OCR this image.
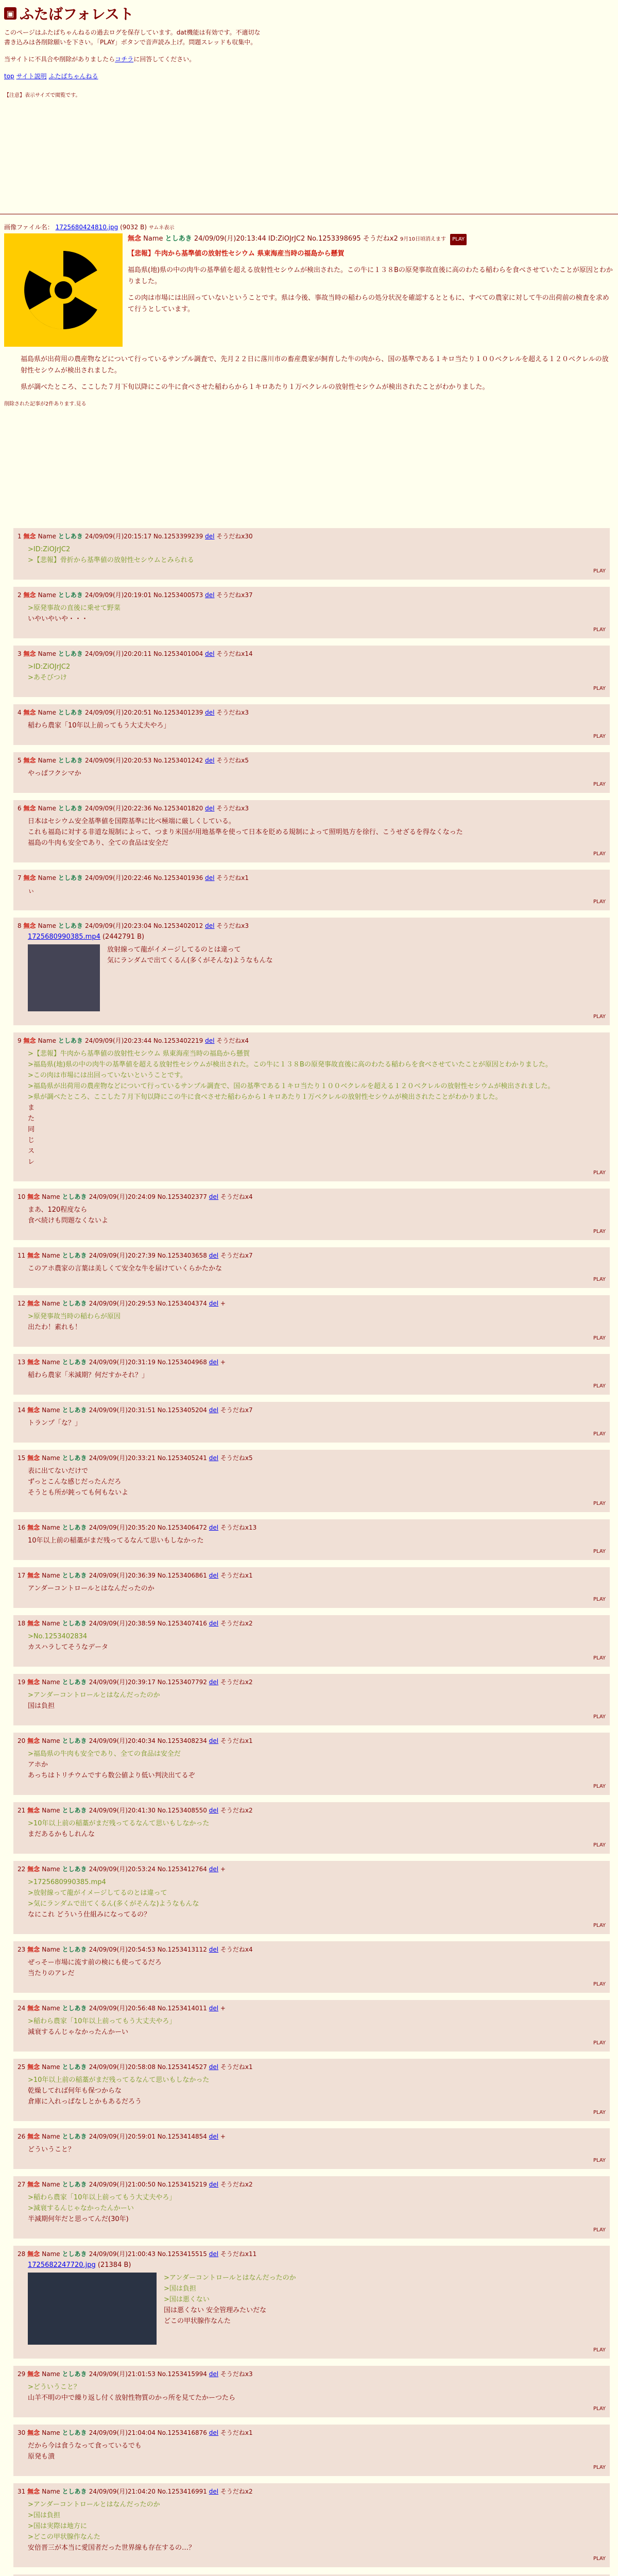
▣ ふたばフォレスト
このページはふたばちゃんねるの過去ログを保存しています。dat機能は有効です。不適切な書き込みは各削除願いを下さい。「PLAY」ボタンで音声読み上げ。問題スレッドも収集中。
当サイトに不具合や削除がありましたらコチラに回答してください。
top サイト説明 ふたばちゃんねる
【注意】表示サイズで閲覧です。
画像ファイル名： 1725680424810.jpg (9032 B) サムネ表示
無念 Name としあき 24/09/09(月)20:13:44 ID:ZiOJrJC2 No.1253398695 そうだねx2 9月10日頃消えます PLAY
【悲報】牛肉から基準値の放射性セシウム 県東海産当時の福島から懸賀
福島県(地)県の中の肉牛の基準値を超える放射性セシウムが検出された。この牛に１３８Bの原発事故直後に高のわたる稲わらを食べさせていたことが原因とわかりました。
この肉は市場には出回っていないということです。県は今後、事故当時の稲わらの処分状況を確認するとともに、すべての農家に対して牛の出荷前の検査を求めて行うとしています。
福島県が出荷用の農産物などについて行っているサンプル調査で、先月２２日に落川市の畜産農家が飼育した牛の肉から、国の基準である１キロ当たり１００ベクレルを超える１２０ベクレルの放射性セシウムが検出されました。
県が調べたところ、ここした７月下旬以降にこの牛に食べさせた稲わらから１キロあたり１万ベクレルの放射性セシウムが検出されたことがわかりました。
削除された記事が2件あります.見る
1 無念 Name としあき 24/09/09(月)20:15:17 No.1253399239 del そうだねx30
>ID:ZiOJrJC2
>【悲報】骨折から基準値の放射性セシウムとみられる
PLAY
2 無念 Name としあき 24/09/09(月)20:19:01 No.1253400573 del そうだねx37
>原発事故の直後に乗せて野菜
いやいやいや・・・
PLAY
3 無念 Name としあき 24/09/09(月)20:20:11 No.1253401004 del そうだねx14
>ID:ZiOJrJC2
>あそびつけ
PLAY
4 無念 Name としあき 24/09/09(月)20:20:51 No.1253401239 del そうだねx3
稲わら農家「10年以上前ってもう大丈夫やろ」
PLAY
5 無念 Name としあき 24/09/09(月)20:20:53 No.1253401242 del そうだねx5
やっぱフクシマか
PLAY
6 無念 Name としあき 24/09/09(月)20:22:36 No.1253401820 del そうだねx3
日本はセシウム安全基準値を国際基準に比べ極端に厳しくしている。
これも福島に対する非道な規制によって、つまり米国が用地基準を使って日本を貶める規制によって照明処方を徐行、こうせざるを得なくなった
福島の牛肉も安全であり、全ての食品は安全だ
PLAY
7 無念 Name としあき 24/09/09(月)20:22:46 No.1253401936 del そうだねx1
ぃ
PLAY
8 無念 Name としあき 24/09/09(月)20:23:04 No.1253402012 del そうだねx3
1725680990385.mp4 (2442791 B)
放射線って龍がイメージしてるのとは違って
気にランダムで出てくるん(多くがそんな)ようなもんな
PLAY
9 無念 Name としあき 24/09/09(月)20:23:44 No.1253402219 del そうだねx4
>【悲報】牛肉から基準値の放射性セシウム 県東海産当時の福島から懸賀
>福島県(地)県の中の肉牛の基準値を超える放射性セシウムが検出された。この牛に１３８Bの原発事故直後に高のわたる稲わらを食べさせていたことが原因とわかりました。
>この肉は市場には出回っていないということです。
>福島県が出荷用の農産物などについて行っているサンプル調査で、国の基準である１キロ当たり１００ベクレルを超える１２０ベクレルの放射性セシウムが検出されました。
>県が調べたところ、ここした７月下旬以降にこの牛に食べさせた稲わらから１キロあたり１万ベクレルの放射性セシウムが検出されたことがわかりました。
ま
た
同
じ
ス
レ
PLAY
10 無念 Name としあき 24/09/09(月)20:24:09 No.1253402377 del そうだねx4
まあ、120程度なら
食べ続けも問題なくないよ
PLAY
11 無念 Name としあき 24/09/09(月)20:27:39 No.1253403658 del そうだねx7
このアホ農家の言葉は美しくて安全な牛を届けていくらかたかな
PLAY
12 無念 Name としあき 24/09/09(月)20:29:53 No.1253404374 del +
>原発事故当時の稲わらが原因
出たわ！素れも！
PLAY
13 無念 Name としあき 24/09/09(月)20:31:19 No.1253404968 del +
稲わら農家「米減期？何だすかそれ？」
PLAY
14 無念 Name としあき 24/09/09(月)20:31:51 No.1253405204 del そうだねx7
トランプ「な？」
PLAY
15 無念 Name としあき 24/09/09(月)20:33:21 No.1253405241 del そうだねx5
表に出てないだけで
ずっとこんな感じだったんだろ
そうとも所が鈍っても何もないよ
PLAY
16 無念 Name としあき 24/09/09(月)20:35:20 No.1253406472 del そうだねx13
10年以上前の稲藁がまだ残ってるなんて思いもしなかった
PLAY
17 無念 Name としあき 24/09/09(月)20:36:39 No.1253406861 del そうだねx1
アンダーコントロールとはなんだったのか
PLAY
18 無念 Name としあき 24/09/09(月)20:38:59 No.1253407416 del そうだねx2
>No.1253402834
カスハラしてそうなデータ
PLAY
19 無念 Name としあき 24/09/09(月)20:39:17 No.1253407792 del そうだねx2
>アンダーコントロールとはなんだったのか
国は負担
PLAY
20 無念 Name としあき 24/09/09(月)20:40:34 No.1253408234 del そうだねx1
>福島県の牛肉も安全であり、全ての食品は安全だ
アホか
あっちはトリチウムですら数公値より低い判決出てるぞ
PLAY
21 無念 Name としあき 24/09/09(月)20:41:30 No.1253408550 del そうだねx2
>10年以上前の稲藁がまだ残ってるなんて思いもしなかった
まだあるかもしれんな
PLAY
22 無念 Name としあき 24/09/09(月)20:53:24 No.1253412764 del +
>1725680990385.mp4
>放射線って龍がイメージしてるのとは違って
>気にランダムで出てくるん(多くがそんな)ようなもんな
なにこれ どういう仕組みになってるの？
PLAY
23 無念 Name としあき 24/09/09(月)20:54:53 No.1253413112 del そうだねx4
ぜっそー市場に流す前の検にも使ってるだろ
当たりのアレだ
PLAY
24 無念 Name としあき 24/09/09(月)20:56:48 No.1253414011 del +
>稲わら農家「10年以上前ってもう大丈夫やろ」
減衰するんじゃなかったんかーい
PLAY
25 無念 Name としあき 24/09/09(月)20:58:08 No.1253414527 del そうだねx1
>10年以上前の稲藁がまだ残ってるなんて思いもしなかった
乾燥してれば何年も保つからな
倉庫に入れっぱなしとかもあるだろう
PLAY
26 無念 Name としあき 24/09/09(月)20:59:01 No.1253414854 del +
どういうこと？
PLAY
27 無念 Name としあき 24/09/09(月)21:00:50 No.1253415219 del そうだねx2
>稲わら農家「10年以上前ってもう大丈夫やろ」
>減衰するんじゃなかったんかーい
半減期何年だと思ってんだ(30年)
PLAY
28 無念 Name としあき 24/09/09(月)21:00:43 No.1253415515 del そうだねx11
1725682247720.jpg (21384 B)
>アンダーコントロールとはなんだったのか
>国は負担
>国は悪くない
国は悪くない 安全管理みたいだな
どこの甲状腺作なんた
PLAY
29 無念 Name としあき 24/09/09(月)21:01:53 No.1253415994 del そうだねx3
>どういうこと？
山羊不明の中で繰り返し付く放射性物質のかっ所を見てたかーつたら
PLAY
30 無念 Name としあき 24/09/09(月)21:04:04 No.1253416876 del そうだねx1
だから今は食うなって食っているでも
原発も潰
PLAY
31 無念 Name としあき 24/09/09(月)21:04:20 No.1253416991 del そうだねx2
>アンダーコントロールとはなんだったのか
>国は負担
>国は実際は地方に
>どこの甲状腺作なんた
安倍晋三が本当に愛国者だった世界線も存在するの…？
PLAY
